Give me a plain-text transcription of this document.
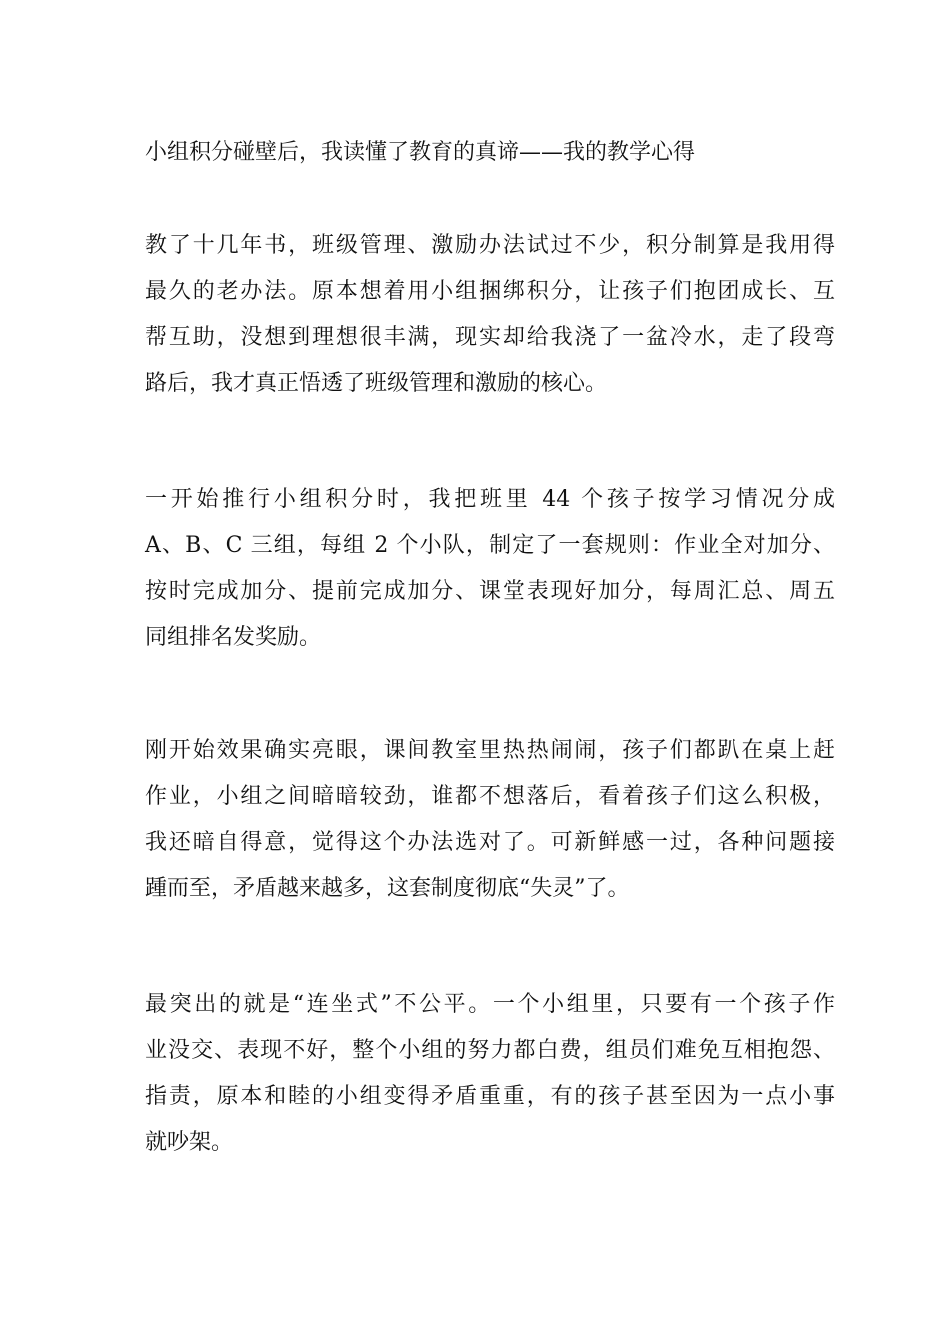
小组积分碰壁后，我读懂了教育的真谛——我的教学心得
教了十几年书，班级管理、激励办法试过不少，积分制算是我用得
最久的老办法。原本想着用小组捆绑积分，让孩子们抱团成长、互
帮互助，没想到理想很丰满，现实却给我浇了一盆冷水，走了段弯
路后，我才真正悟透了班级管理和激励的核心。
一开始推行小组积分时，我把班里 44 个孩子按学习情况分成
A、B、C 三组，每组 2 个小队，制定了一套规则：作业全对加分、
按时完成加分、提前完成加分、课堂表现好加分，每周汇总、周五
同组排名发奖励。
刚开始效果确实亮眼，课间教室里热热闹闹，孩子们都趴在桌上赶
作业，小组之间暗暗较劲，谁都不想落后，看着孩子们这么积极，
我还暗自得意，觉得这个办法选对了。可新鲜感一过，各种问题接
踵而至，矛盾越来越多，这套制度彻底“失灵”了。
最突出的就是“连坐式”不公平。一个小组里，只要有一个孩子作
业没交、表现不好，整个小组的努力都白费，组员们难免互相抱怨、
指责，原本和睦的小组变得矛盾重重，有的孩子甚至因为一点小事
就吵架。
